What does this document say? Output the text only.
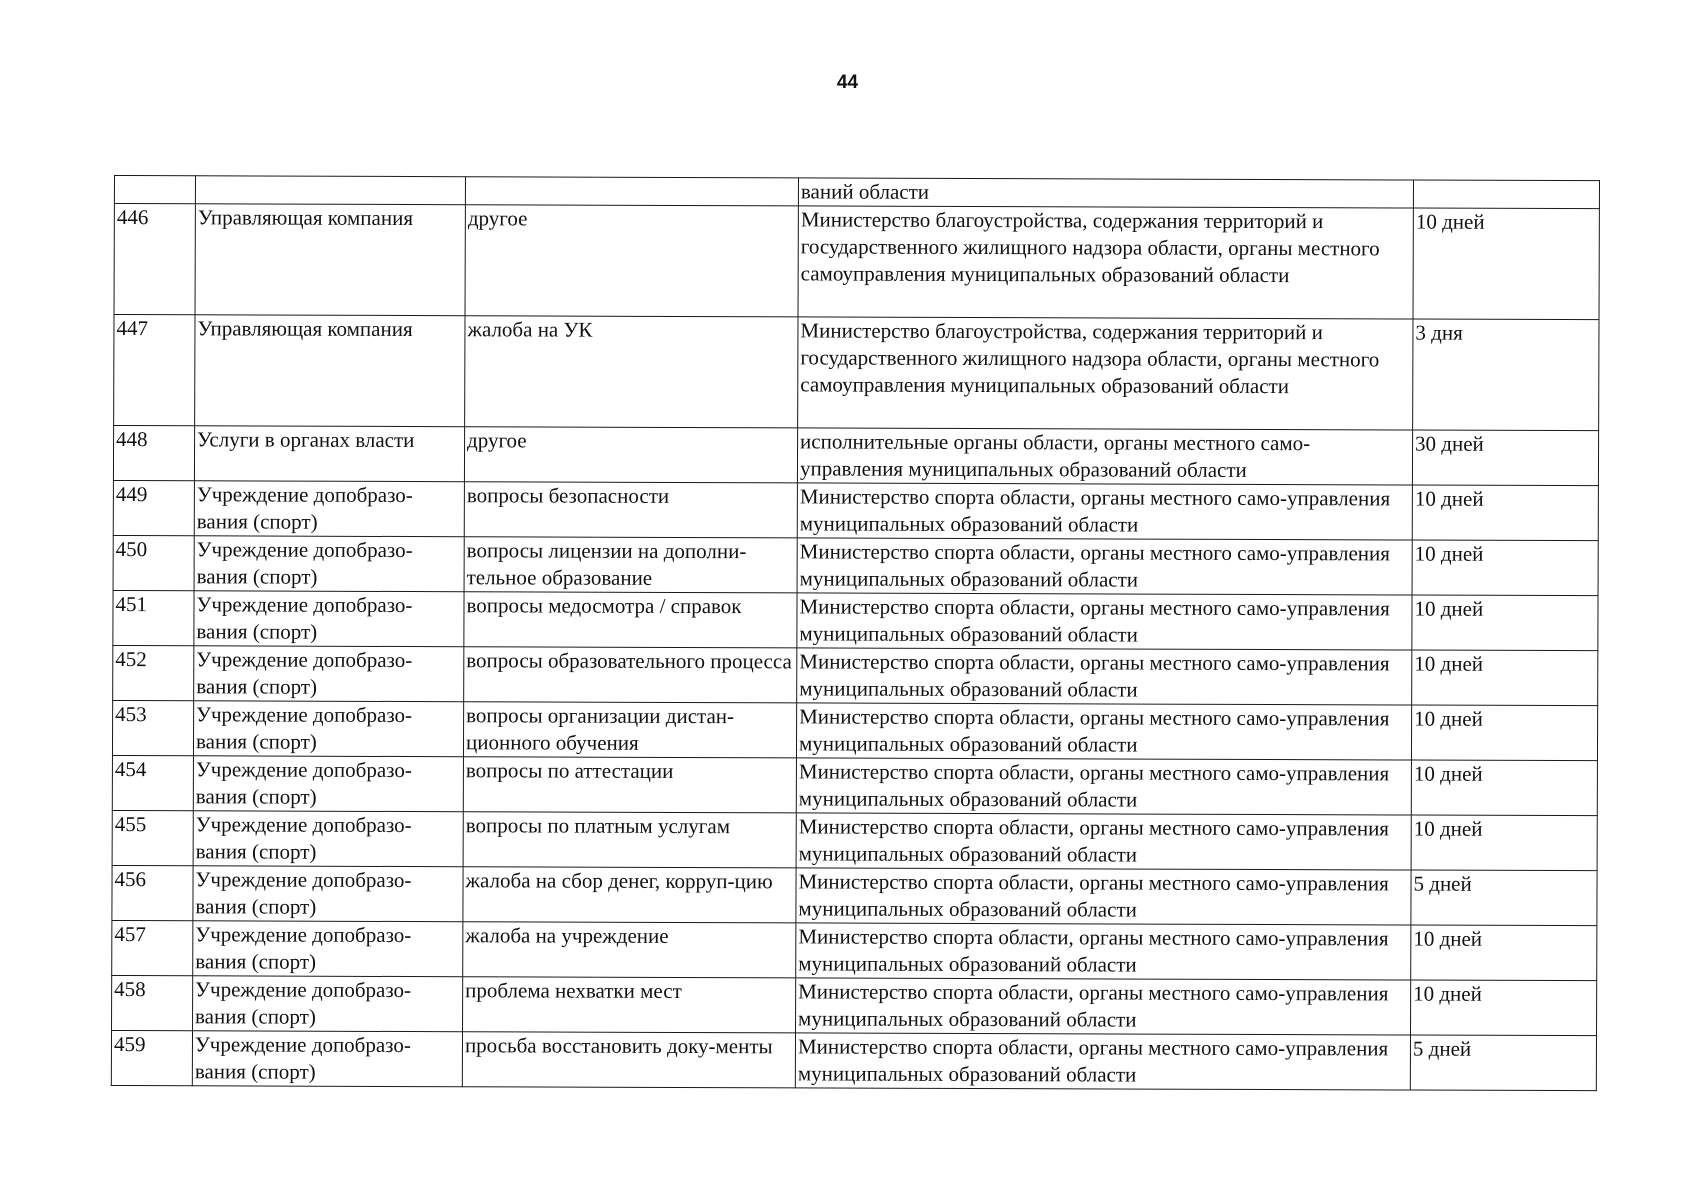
44
			ваний области	
446	Управляющая компания	другое	Министерство благоустройства, содержания территорий и государственного жилищного надзора области, органы местного самоуправления муниципальных образований области	10 дней
447	Управляющая компания	жалоба на УК	Министерство благоустройства, содержания территорий и государственного жилищного надзора области, органы местного самоуправления муниципальных образований области	3 дня
448	Услуги в органах власти	другое	исполнительные органы области, органы местного само-управления муниципальных образований области	30 дней
449	Учреждение допобразо-вания (спорт)	вопросы безопасности	Министерство спорта области, органы местного само-управления муниципальных образований области	10 дней
450	Учреждение допобразо-вания (спорт)	вопросы лицензии на дополни-тельное образование	Министерство спорта области, органы местного само-управления муниципальных образований области	10 дней
451	Учреждение допобразо-вания (спорт)	вопросы медосмотра / справок	Министерство спорта области, органы местного само-управления муниципальных образований области	10 дней
452	Учреждение допобразо-вания (спорт)	вопросы образовательного процесса	Министерство спорта области, органы местного само-управления муниципальных образований области	10 дней
453	Учреждение допобразо-вания (спорт)	вопросы организации дистан-ционного обучения	Министерство спорта области, органы местного само-управления муниципальных образований области	10 дней
454	Учреждение допобразо-вания (спорт)	вопросы по аттестации	Министерство спорта области, органы местного само-управления муниципальных образований области	10 дней
455	Учреждение допобразо-вания (спорт)	вопросы по платным услугам	Министерство спорта области, органы местного само-управления муниципальных образований области	10 дней
456	Учреждение допобразо-вания (спорт)	жалоба на сбор денег, корруп-цию	Министерство спорта области, органы местного само-управления муниципальных образований области	5 дней
457	Учреждение допобразо-вания (спорт)	жалоба на учреждение	Министерство спорта области, органы местного само-управления муниципальных образований области	10 дней
458	Учреждение допобразо-вания (спорт)	проблема нехватки мест	Министерство спорта области, органы местного само-управления муниципальных образований области	10 дней
459	Учреждение допобразо-вания (спорт)	просьба восстановить доку-менты	Министерство спорта области, органы местного само-управления муниципальных образований области	5 дней
